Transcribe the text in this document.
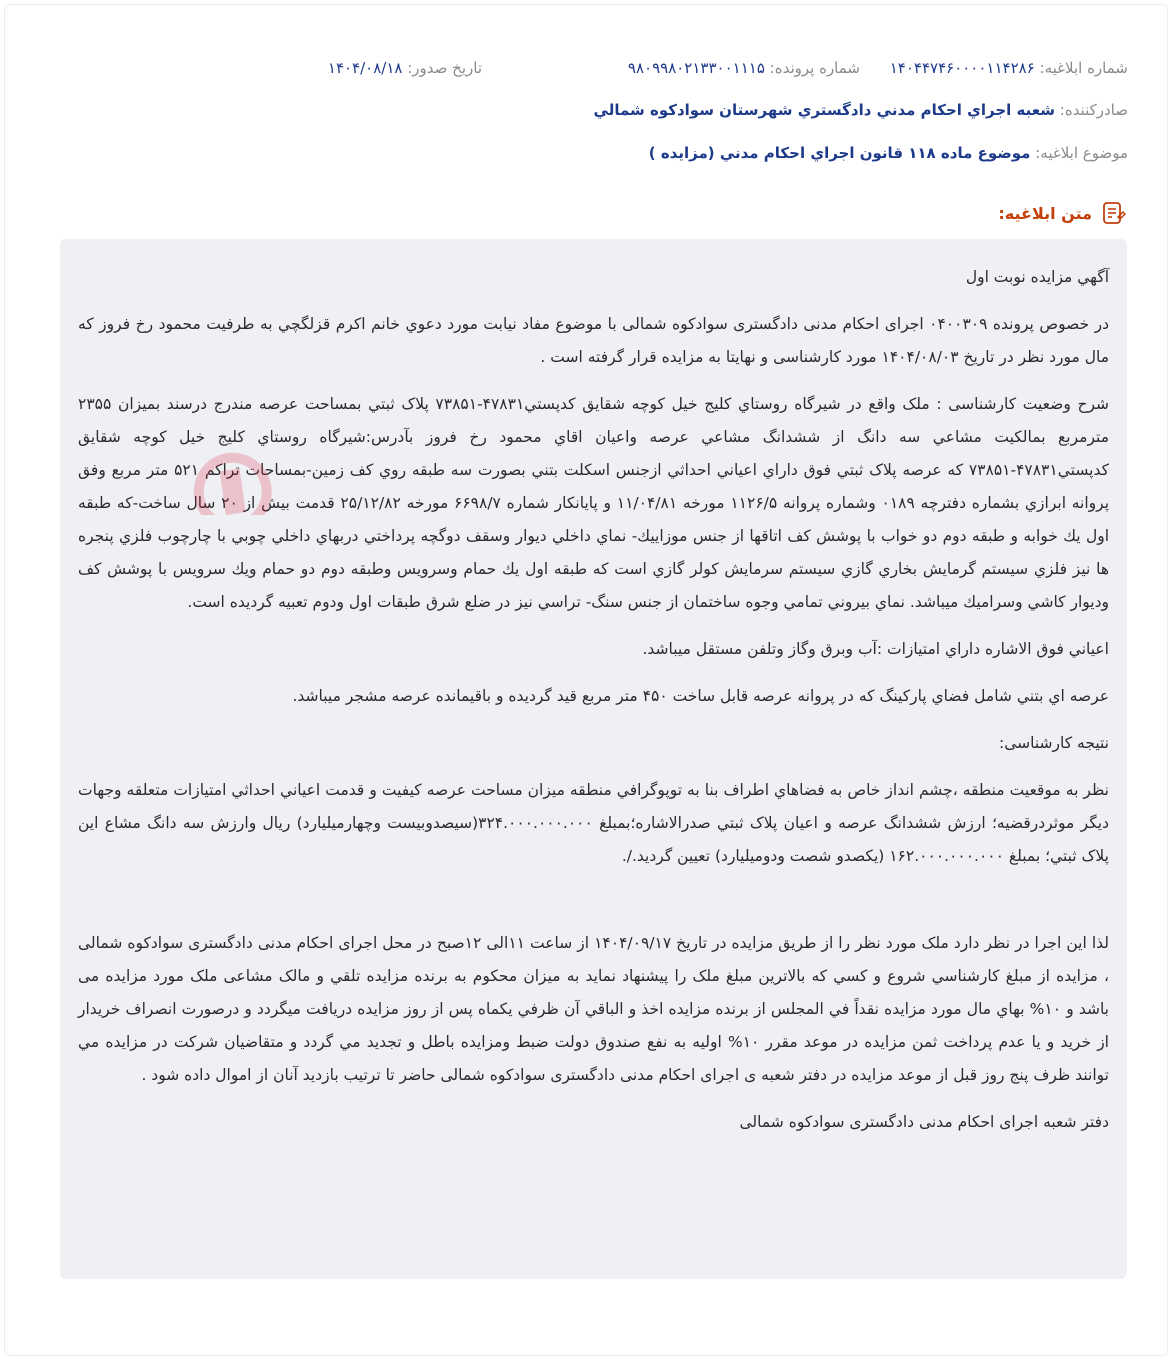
شماره ابلاغيه: ۱۴۰۴۴۷۴۶۰۰۰۰۱۱۴۲۸۶
شماره پرونده: ۹۸۰۹۹۸۰۲۱۳۳۰۰۱۱۱۵
تاريخ صدور: ۱۴۰۴/۰۸/۱۸
صادرکننده: شعبه اجراي احکام مدني دادگستري شهرستان سوادکوه شمالي
موضوع ابلاغيه: موضوع ماده ۱۱۸ قانون اجراي احکام مدني (مزايده )
متن ابلاغيه:

آگهي مزايده نوبت اول

در خصوص پرونده ۰۴۰۰۳۰۹ اجرای احکام مدنی دادگستری سوادکوه شمالی با موضوع مفاد نيابت مورد دعوي خانم اکرم قزلگچي به طرفيت محمود رخ فروز که مال مورد نظر در تاريخ ۱۴۰۴/۰۸/۰۳ مورد کارشناسی و نهايتا به مزايده قرار گرفته است .

شرح وضعيت کارشناسی : ملک واقع در شيرگاه روستاي کليج خيل کوچه شقايق کدپستي۴۷۸۳۱-۷۳۸۵۱ پلاک ثبتي بمساحت عرصه مندرج درسند بميزان ۲۳۵۵ مترمربع بمالکيت مشاعي سه دانگ از ششدانگ مشاعي عرصه واعيان اقاي محمود رخ فروز بآدرس:شيرگاه روستاي کليج خيل کوچه شقايق کدپستي۴۷۸۳۱-۷۳۸۵۱ که عرصه پلاک ثبتي فوق داراي اعياني احداثي ازجنس اسکلت بتني بصورت سه طبقه روي کف زمين-بمساحات تراکم ۵۲۱ متر مربع وفق پروانه ابرازي بشماره دفترچه ۰۱۸۹ وشماره پروانه ۱۱۲۶/۵ مورخه ۱۱/۰۴/۸۱ و پايانکار شماره ۶۶۹۸/۷ مورخه ۲۵/۱۲/۸۲ قدمت بيش از ۲۰ سال ساخت-که طبقه اول يك خوابه و طبقه دوم دو خواب با پوشش کف اتاقها از جنس موزاييك- نماي داخلي ديوار وسقف دوگچه پرداختي دربهاي داخلي چوبي با چارچوب فلزي پنجره ها نيز فلزي سيستم گرمايش بخاري گازي سيستم سرمايش کولر گازي است که طبقه اول يك حمام وسرويس وطبقه دوم دو حمام ويك سرويس با پوشش کف وديوار کاشي وسراميك ميباشد. نماي بيروني تمامي وجوه ساختمان از جنس سنگ- تراسي نيز در ضلع شرق طبقات اول ودوم تعبيه گرديده است.

اعياني فوق الاشاره داراي امتيازات :آب وبرق وگاز وتلفن مستقل ميباشد.

عرصه اي بتني شامل فضاي پارکينگ که در پروانه عرصه قابل ساخت ۴۵۰ متر مربع قيد گرديده و باقيمانده عرصه مشجر ميباشد.

نتيجه کارشناسی:

نظر به موقعيت منطقه ،چشم انداز خاص به فضاهاي اطراف بنا به توپوگرافي منطقه ميزان مساحت عرصه کيفيت و قدمت اعياني احداثي امتيازات متعلقه وجهات ديگر موثردرقضيه؛ ارزش ششدانگ عرصه و اعيان پلاک ثبتي صدرالاشاره؛بمبلغ ۳۲۴.۰۰۰.۰۰۰.۰۰۰(سيصدوبيست وچهارميليارد) ريال وارزش سه دانگ مشاع اين پلاک ثبتي؛ بمبلغ ۱۶۲.۰۰۰.۰۰۰.۰۰۰ (يکصدو شصت ودوميليارد) تعيين گرديد./.

لذا اين اجرا در نظر دارد ملک مورد نظر را از طريق مزايده در تاريخ ۱۴۰۴/۰۹/۱۷ از ساعت ۱۱الی ۱۲صبح در محل اجرای احکام مدنی دادگستری سوادکوه شمالی ، مزايده از مبلغ کارشناسي شروع و کسي که بالاترين مبلغ ملک را پيشنهاد نمايد به ميزان محکوم به برنده مزايده تلقي و مالک مشاعی ملک مورد مزايده می باشد و ۱۰% بهاي مال مورد مزايده نقداً في المجلس از برنده مزايده اخذ و الباقي آن ظرفي يکماه پس از روز مزايده دريافت ميگردد و درصورت انصراف خريدار از خريد و يا عدم پرداخت ثمن مزايده در موعد مقرر ۱۰% اوليه به نفع صندوق دولت ضبط ومزايده باطل و تجديد مي گردد و متقاضيان شرکت در مزايده مي توانند ظرف پنج روز قبل از موعد مزايده در دفتر شعبه ی اجرای احکام مدنی دادگستری سوادکوه شمالی حاضر تا ترتيب بازديد آنان از اموال داده شود .

دفتر شعبه اجرای احکام مدنی دادگستری سوادکوه شمالی
